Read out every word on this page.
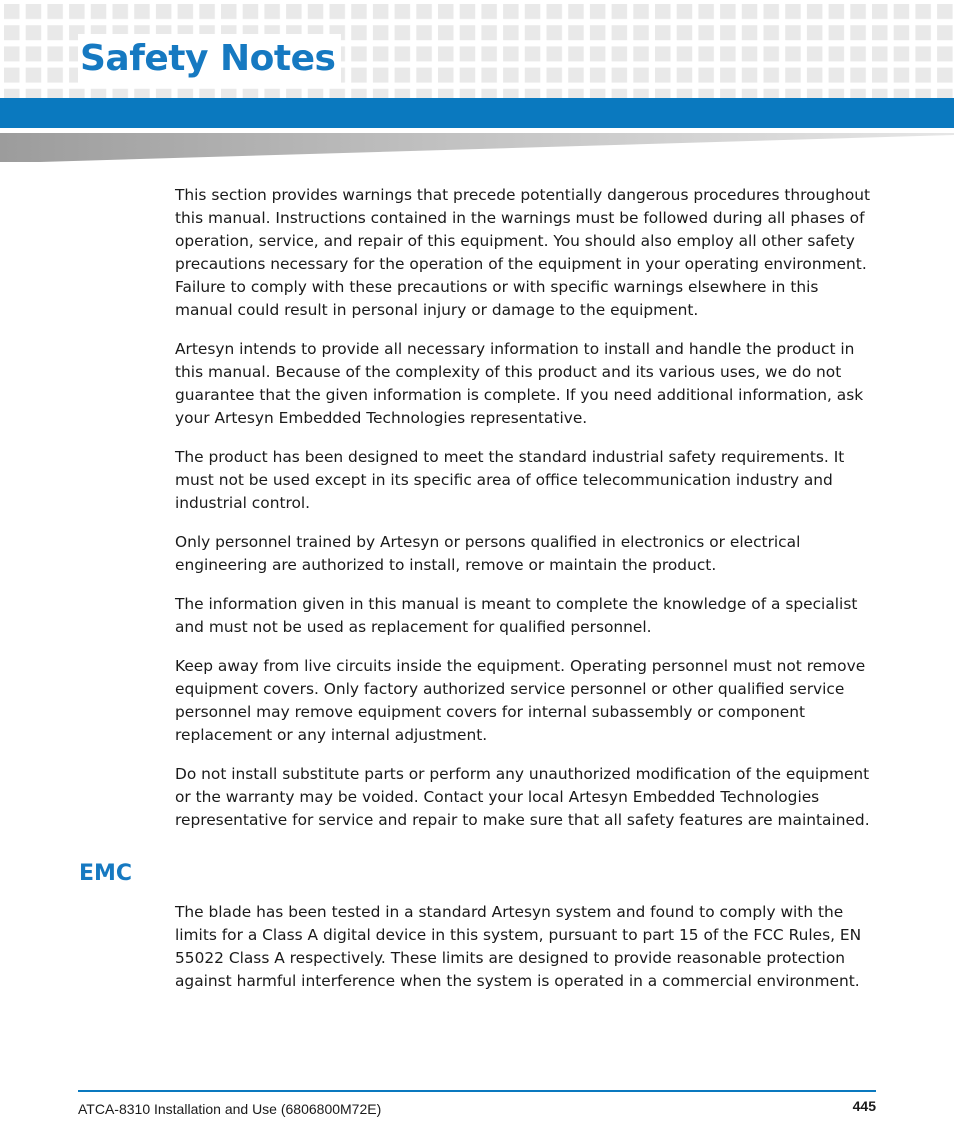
Safety Notes

This section provides warnings that precede potentially dangerous procedures throughout this manual. Instructions contained in the warnings must be followed during all phases of operation, service, and repair of this equipment. You should also employ all other safety precautions necessary for the operation of the equipment in your operating environment. Failure to comply with these precautions or with specific warnings elsewhere in this manual could result in personal injury or damage to the equipment.

Artesyn intends to provide all necessary information to install and handle the product in this manual. Because of the complexity of this product and its various uses, we do not guarantee that the given information is complete. If you need additional information, ask your Artesyn Embedded Technologies representative.

The product has been designed to meet the standard industrial safety requirements. It must not be used except in its specific area of office telecommunication industry and industrial control.

Only personnel trained by Artesyn or persons qualified in electronics or electrical engineering are authorized to install, remove or maintain the product.

The information given in this manual is meant to complete the knowledge of a specialist and must not be used as replacement for qualified personnel.

Keep away from live circuits inside the equipment. Operating personnel must not remove equipment covers. Only factory authorized service personnel or other qualified service personnel may remove equipment covers for internal subassembly or component replacement or any internal adjustment.

Do not install substitute parts or perform any unauthorized modification of the equipment or the warranty may be voided. Contact your local Artesyn Embedded Technologies representative for service and repair to make sure that all safety features are maintained.

EMC

The blade has been tested in a standard Artesyn system and found to comply with the limits for a Class A digital device in this system, pursuant to part 15 of the FCC Rules, EN 55022 Class A respectively. These limits are designed to provide reasonable protection against harmful interference when the system is operated in a commercial environment.

ATCA-8310 Installation and Use (6806800M72E)	445
